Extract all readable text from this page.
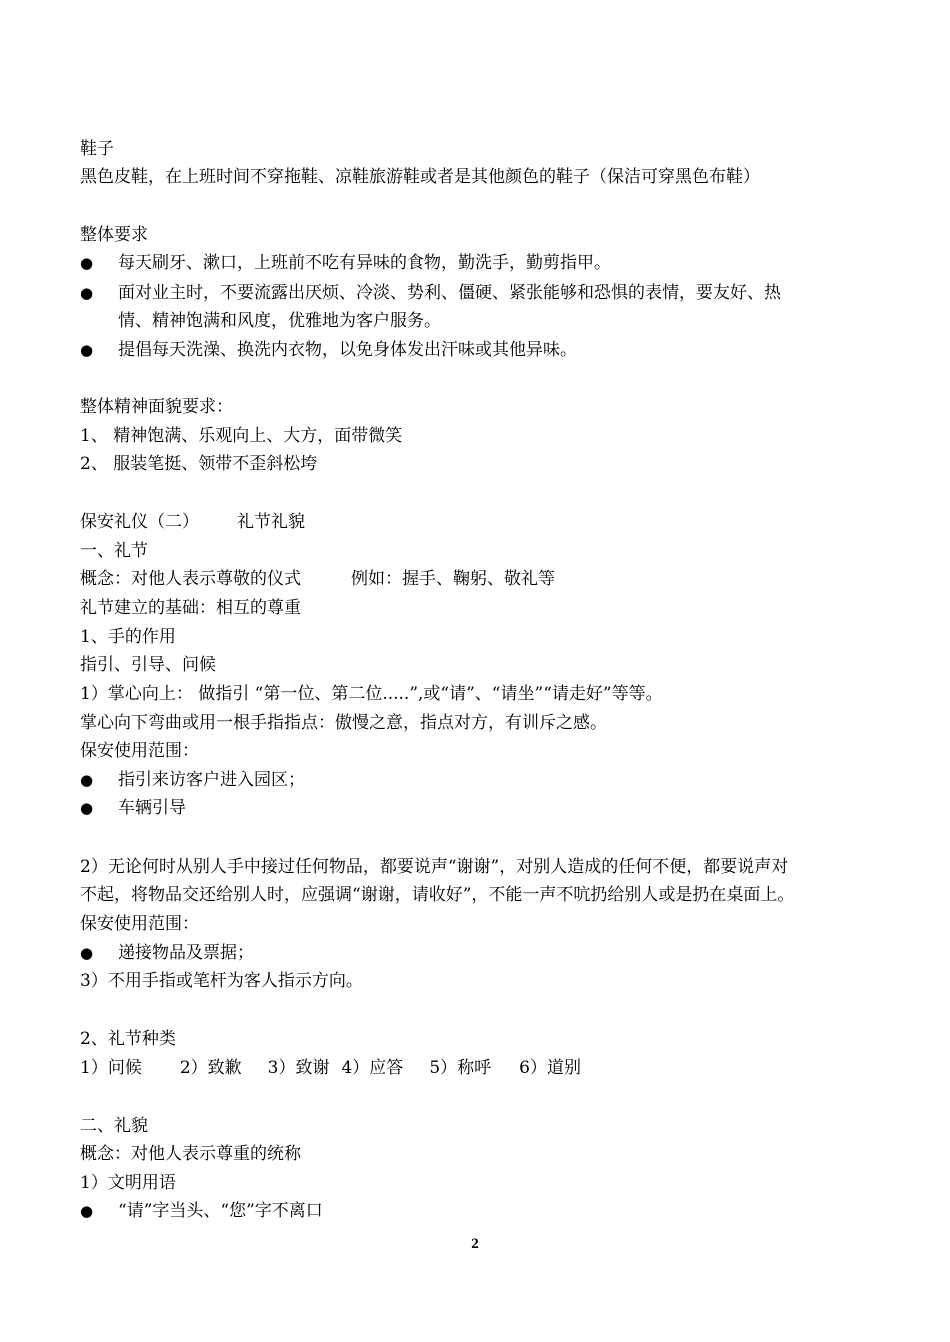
鞋子
黑色皮鞋，在上班时间不穿拖鞋、凉鞋旅游鞋或者是其他颜色的鞋子（保洁可穿黑色布鞋）
整体要求
● 每天刷牙、漱口，上班前不吃有异味的食物，勤洗手，勤剪指甲。
● 面对业主时，不要流露出厌烦、冷淡、势利、僵硬、紧张能够和恐惧的表情，要友好、热
情、精神饱满和风度，优雅地为客户服务。
● 提倡每天洗澡、换洗内衣物，以免身体发出汗味或其他异味。
整体精神面貌要求：
1、 精神饱满、乐观向上、大方，面带微笑
2、 服装笔挺、领带不歪斜松垮
保安礼仪（二） 礼节礼貌
一、礼节
概念：对他人表示尊敬的仪式	例如：握手、鞠躬、敬礼等
礼节建立的基础：相互的尊重
1、手的作用
指引、引导、问候
1）掌心向上： 做指引 “第一位、第二位.....”,或“请”、“请坐”“请走好”等等。
掌心向下弯曲或用一根手指指点：傲慢之意，指点对方，有训斥之感。
保安使用范围：
● 指引来访客户进入园区；
● 车辆引导
2）无论何时从别人手中接过任何物品，都要说声“谢谢”，对别人造成的任何不便，都要说声对
不起，将物品交还给别人时，应强调“谢谢，请收好”，不能一声不吭扔给别人或是扔在桌面上。
保安使用范围：
● 递接物品及票据；
3）不用手指或笔杆为客人指示方向。
2、礼节种类
1）问候 2）致歉 3）致谢 4）应答 5）称呼 6）道别
二、礼貌
概念：对他人表示尊重的统称
1）文明用语
● “请”字当头、“您”字不离口
2
